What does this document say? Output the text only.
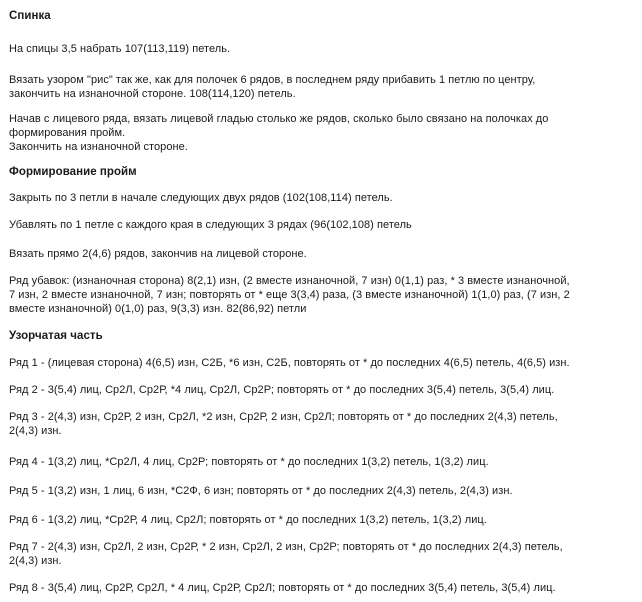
Спинка
На спицы 3,5 набрать 107(113,119) петель.
Вязать узором "рис" так же, как для полочек 6 рядов, в последнем ряду прибавить 1 петлю по центру,
закончить на изнаночной стороне. 108(114,120) петель.
Начав с лицевого ряда, вязать лицевой гладью столько же рядов, сколько было связано на полочках до
формирования пройм.
Закончить на изнаночной стороне.
Формирование пройм
Закрыть по 3 петли в начале следующих двух рядов (102(108,114) петель.
Убавлять по 1 петле с каждого края в следующих 3 рядах (96(102,108) петель
Вязать прямо 2(4,6) рядов, закончив на лицевой стороне.
Ряд убавок: (изнаночная сторона) 8(2,1) изн, (2 вместе изнаночной, 7 изн) 0(1,1) раз, * 3 вместе изнаночной,
7 изн, 2 вместе изнаночной, 7 изн; повторять от * еще 3(3,4) раза, (3 вместе изнаночной) 1(1,0) раз, (7 изн, 2
вместе изнаночной) 0(1,0) раз, 9(3,3) изн. 82(86,92) петли
Узорчатая часть
Ряд 1 - (лицевая сторона) 4(6,5) изн, С2Б, *6 изн, С2Б, повторять от * до последних 4(6,5) петель, 4(6,5) изн.
Ряд 2 - 3(5,4) лиц, Ср2Л, Ср2Р, *4 лиц, Ср2Л, Ср2Р; повторять от * до последних 3(5,4) петель, 3(5,4) лиц.
Ряд 3 - 2(4,3) изн, Ср2Р, 2 изн, Ср2Л, *2 изн, Ср2Р, 2 изн, Ср2Л; повторять от * до последних 2(4,3) петель,
2(4,3) изн.
Ряд 4 - 1(3,2) лиц, *Ср2Л, 4 лиц, Ср2Р; повторять от * до последних 1(3,2) петель, 1(3,2) лиц.
Ряд 5 - 1(3,2) изн, 1 лиц, 6 изн, *С2Ф, 6 изн; повторять от * до последних 2(4,3) петель, 2(4,3) изн.
Ряд 6 - 1(3,2) лиц, *Ср2Р, 4 лиц, Ср2Л; повторять от * до последних 1(3,2) петель, 1(3,2) лиц.
Ряд 7 - 2(4,3) изн, Ср2Л, 2 изн, Ср2Р, * 2 изн, Ср2Л, 2 изн, Ср2Р; повторять от * до последних 2(4,3) петель,
2(4,3) изн.
Ряд 8 - 3(5,4) лиц, Ср2Р, Ср2Л, * 4 лиц, Ср2Р, Ср2Л; повторять от * до последних 3(5,4) петель, 3(5,4) лиц.
